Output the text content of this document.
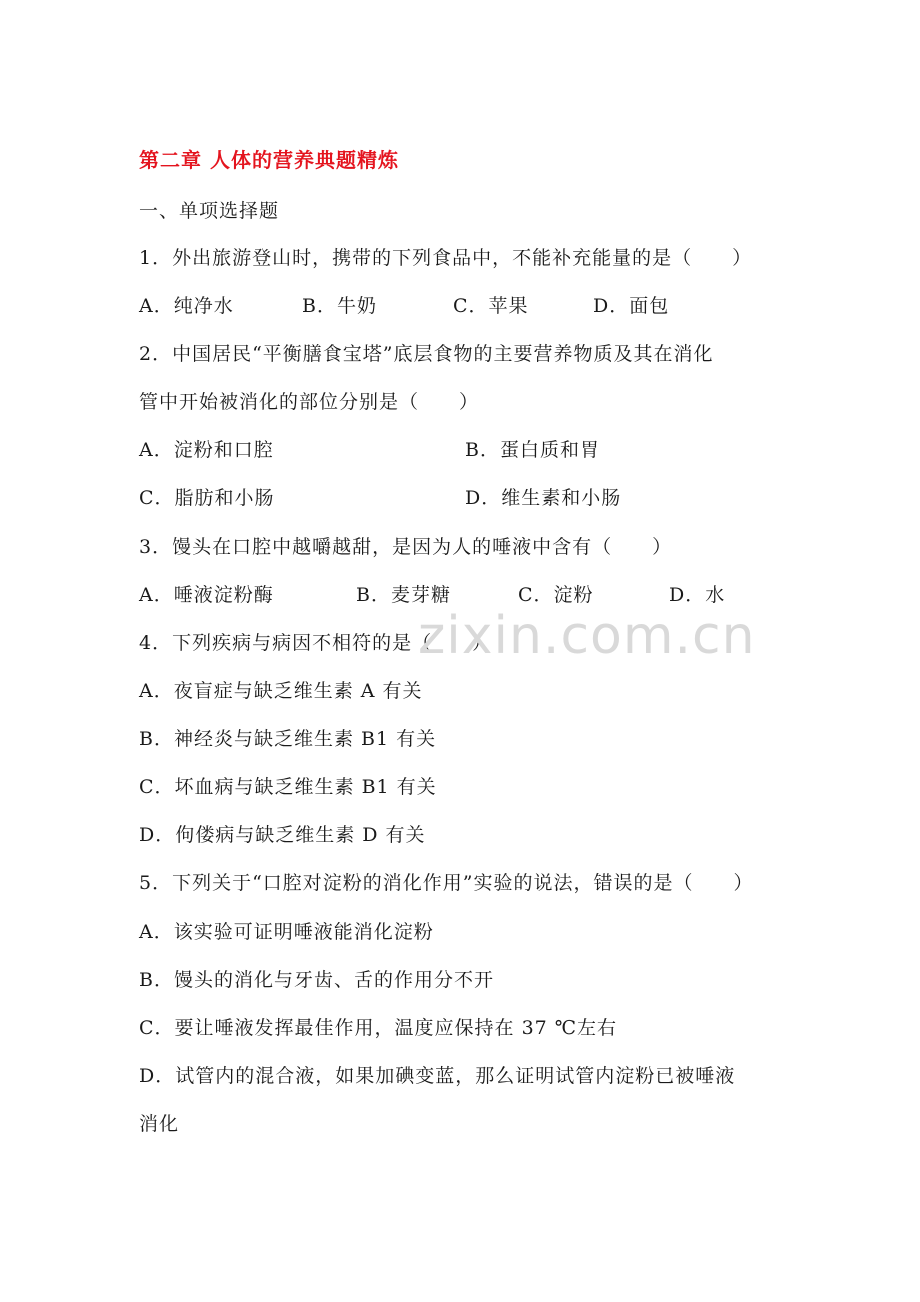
第二章 人体的营养典题精炼
一、单项选择题
1．外出旅游登山时，携带的下列食品中，不能补充能量的是（　　）
A．纯净水	B．牛奶	C．苹果	D．面包
2．中国居民“平衡膳食宝塔”底层食物的主要营养物质及其在消化
管中开始被消化的部位分别是（　　）
A．淀粉和口腔	B．蛋白质和胃
C．脂肪和小肠	D．维生素和小肠
3．馒头在口腔中越嚼越甜，是因为人的唾液中含有（　　）
A．唾液淀粉酶	B．麦芽糖	C．淀粉	D．水
4．下列疾病与病因不相符的是（　　）
A．夜盲症与缺乏维生素 A 有关
B．神经炎与缺乏维生素 B1 有关
C．坏血病与缺乏维生素 B1 有关
D．佝偻病与缺乏维生素 D 有关
5．下列关于“口腔对淀粉的消化作用”实验的说法，错误的是（　　）
A．该实验可证明唾液能消化淀粉
B．馒头的消化与牙齿、舌的作用分不开
C．要让唾液发挥最佳作用，温度应保持在 37 ℃左右
D．试管内的混合液，如果加碘变蓝，那么证明试管内淀粉已被唾液
消化
zixin.com.cn
